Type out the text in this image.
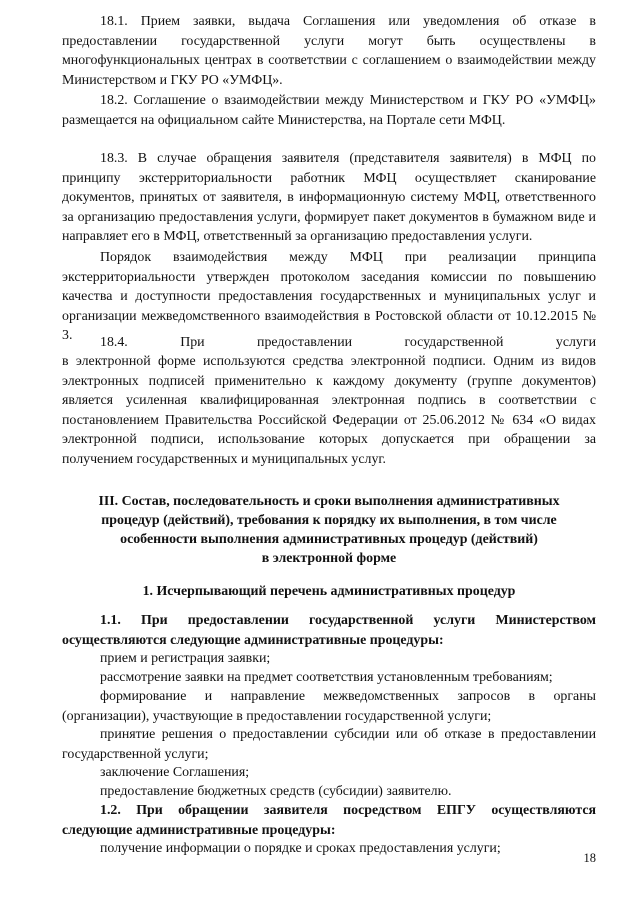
18.1. Прием заявки, выдача Соглашения или уведомления об отказе в предоставлении государственной услуги могут быть осуществлены в многофункциональных центрах в соответствии с соглашением о взаимодействии между Министерством и ГКУ РО «УМФЦ».

18.2. Соглашение о взаимодействии между Министерством и ГКУ РО «УМФЦ» размещается на официальном сайте Министерства, на Портале сети МФЦ.

18.3. В случае обращения заявителя (представителя заявителя) в МФЦ по принципу экстерриториальности работник МФЦ осуществляет сканирование документов, принятых от заявителя, в информационную систему МФЦ, ответственного за организацию предоставления услуги, формирует пакет документов в бумажном виде и направляет его в МФЦ, ответственный за организацию предоставления услуги.

Порядок взаимодействия между МФЦ при реализации принципа экстерриториальности утвержден протоколом заседания комиссии по повышению качества и доступности предоставления государственных и муниципальных услуг и организации межведомственного взаимодействия в Ростовской области от 10.12.2015 № 3.	18.4. При предоставлении государственной услуги

в электронной форме используются средства электронной подписи. Одним из видов электронных подписей применительно к каждому документу (группе документов) является усиленная квалифицированная электронная подпись в соответствии с постановлением Правительства Российской Федерации от 25.06.2012 № 634 «О видах электронной подписи, использование которых допускается при обращении за получением государственных и муниципальных услуг.

III. Состав, последовательность и сроки выполнения административных
процедур (действий), требования к порядку их выполнения, в том числе
особенности выполнения административных процедур (действий)
в электронной форме
1. Исчерпывающий перечень административных процедур

1.1. При предоставлении государственной услуги Министерством осуществляются следующие административные процедуры:

прием и регистрация заявки;

рассмотрение заявки на предмет соответствия установленным требованиям;

формирование и направление межведомственных запросов в органы (организации), участвующие в предоставлении государственной услуги;

принятие решения о предоставлении субсидии или об отказе в предоставлении государственной услуги;

заключение Соглашения;

предоставление бюджетных средств (субсидии) заявителю.

1.2. При обращении заявителя посредством ЕПГУ осуществляются следующие административные процедуры:

получение информации о порядке и сроках предоставления услуги;

18
